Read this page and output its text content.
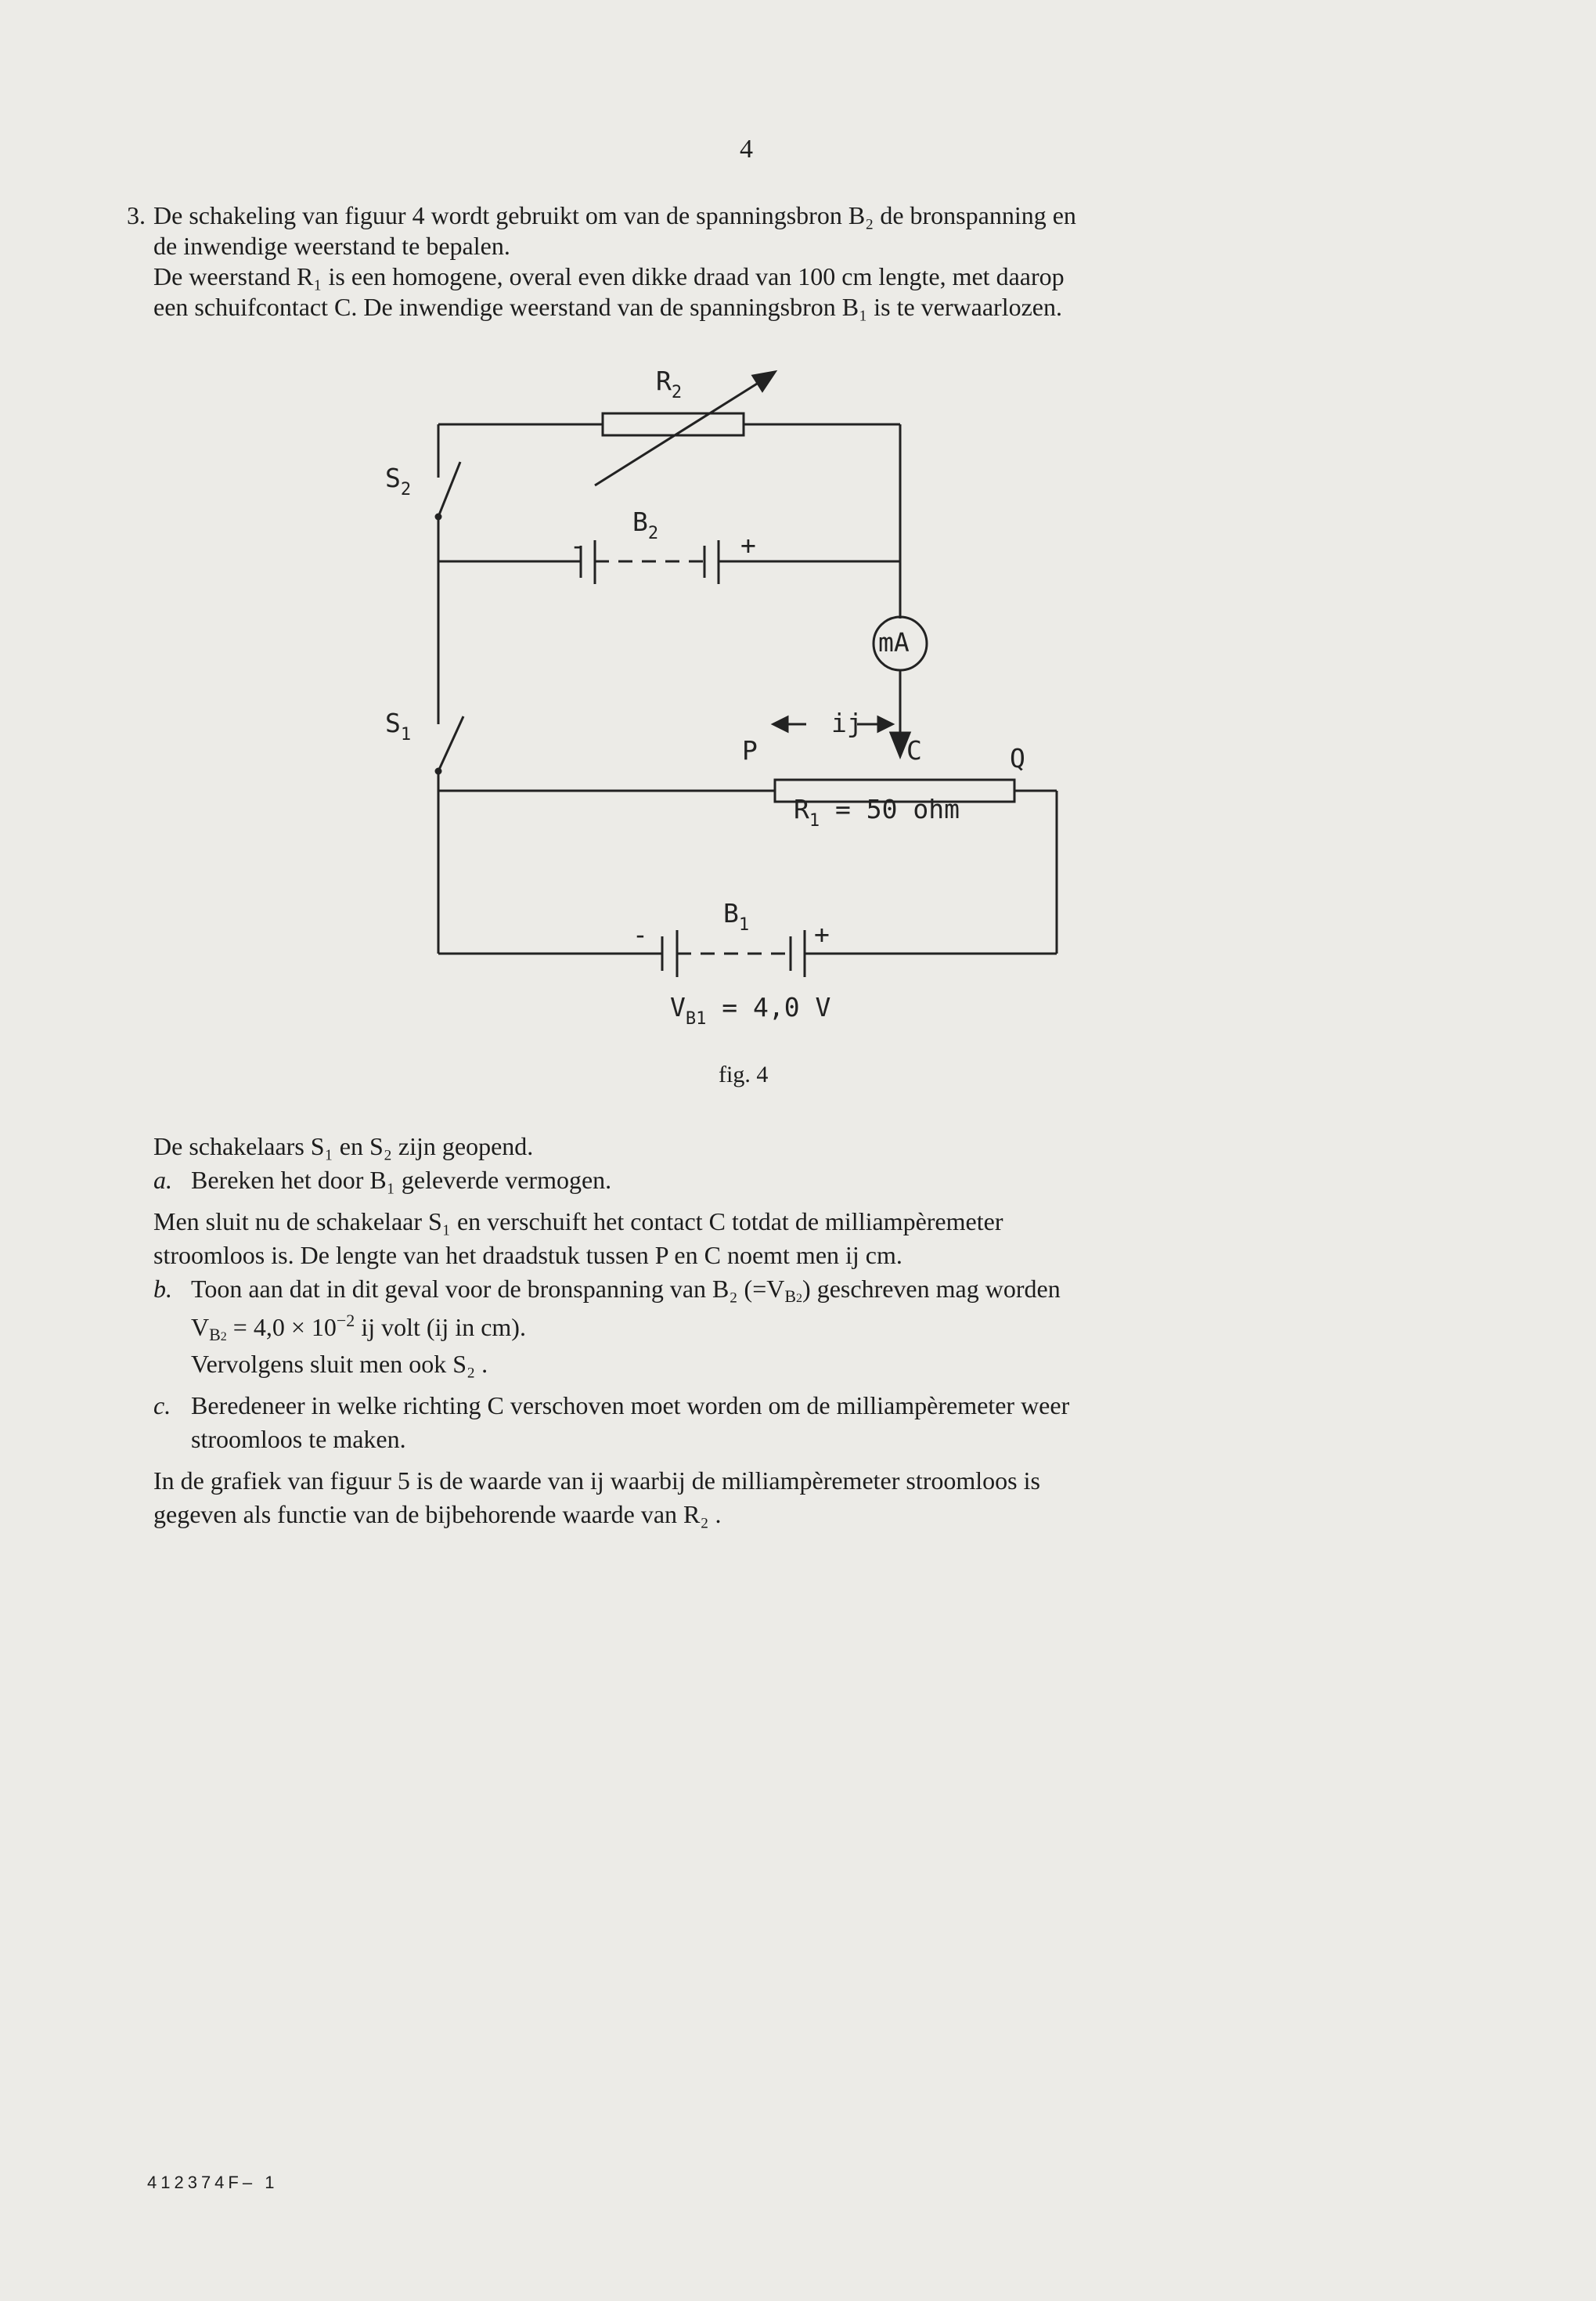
4

3. De schakeling van figuur 4 wordt gebruikt om van de spanningsbron B₂ de bronspanning en

de inwendige weerstand te bepalen.

De weerstand R₁ is een homogene, overal even dikke draad van 100 cm lengte, met daarop

een schuifcontact C. De inwendige weerstand van de spanningsbron B₁ is te verwaarlozen.

$R_2$
$S_2$
$B_2$
-	+
mA
$S_1$	ij
P	C	Q
$R_1 = 50$ ohm
$B_1$
-	+
$V_{B1} = 4,0$ V
fig. 4

De schakelaars S₁ en S₂ zijn geopend.

a. Bereken het door B₁ geleverde vermogen.

Men sluit nu de schakelaar S₁ en verschuift het contact C totdat de milliampèremeter

stroomloos is. De lengte van het draadstuk tussen P en C noemt men ij cm.

b. Toon aan dat in dit geval voor de bronspanning van B₂ $(=V_{B2})$ geschreven mag worden

$V_{B2} = 4,0 \times 10^{-2}$ ij volt (ij in cm).

Vervolgens sluit men ook S₂ .

c. Beredeneer in welke richting C verschoven moet worden om de milliampèremeter weer

stroomloos te maken.

In de grafiek van figuur 5 is de waarde van ij waarbij de milliampèremeter stroomloos is

gegeven als functie van de bijbehorende waarde van R₂ .

412374F– 1
